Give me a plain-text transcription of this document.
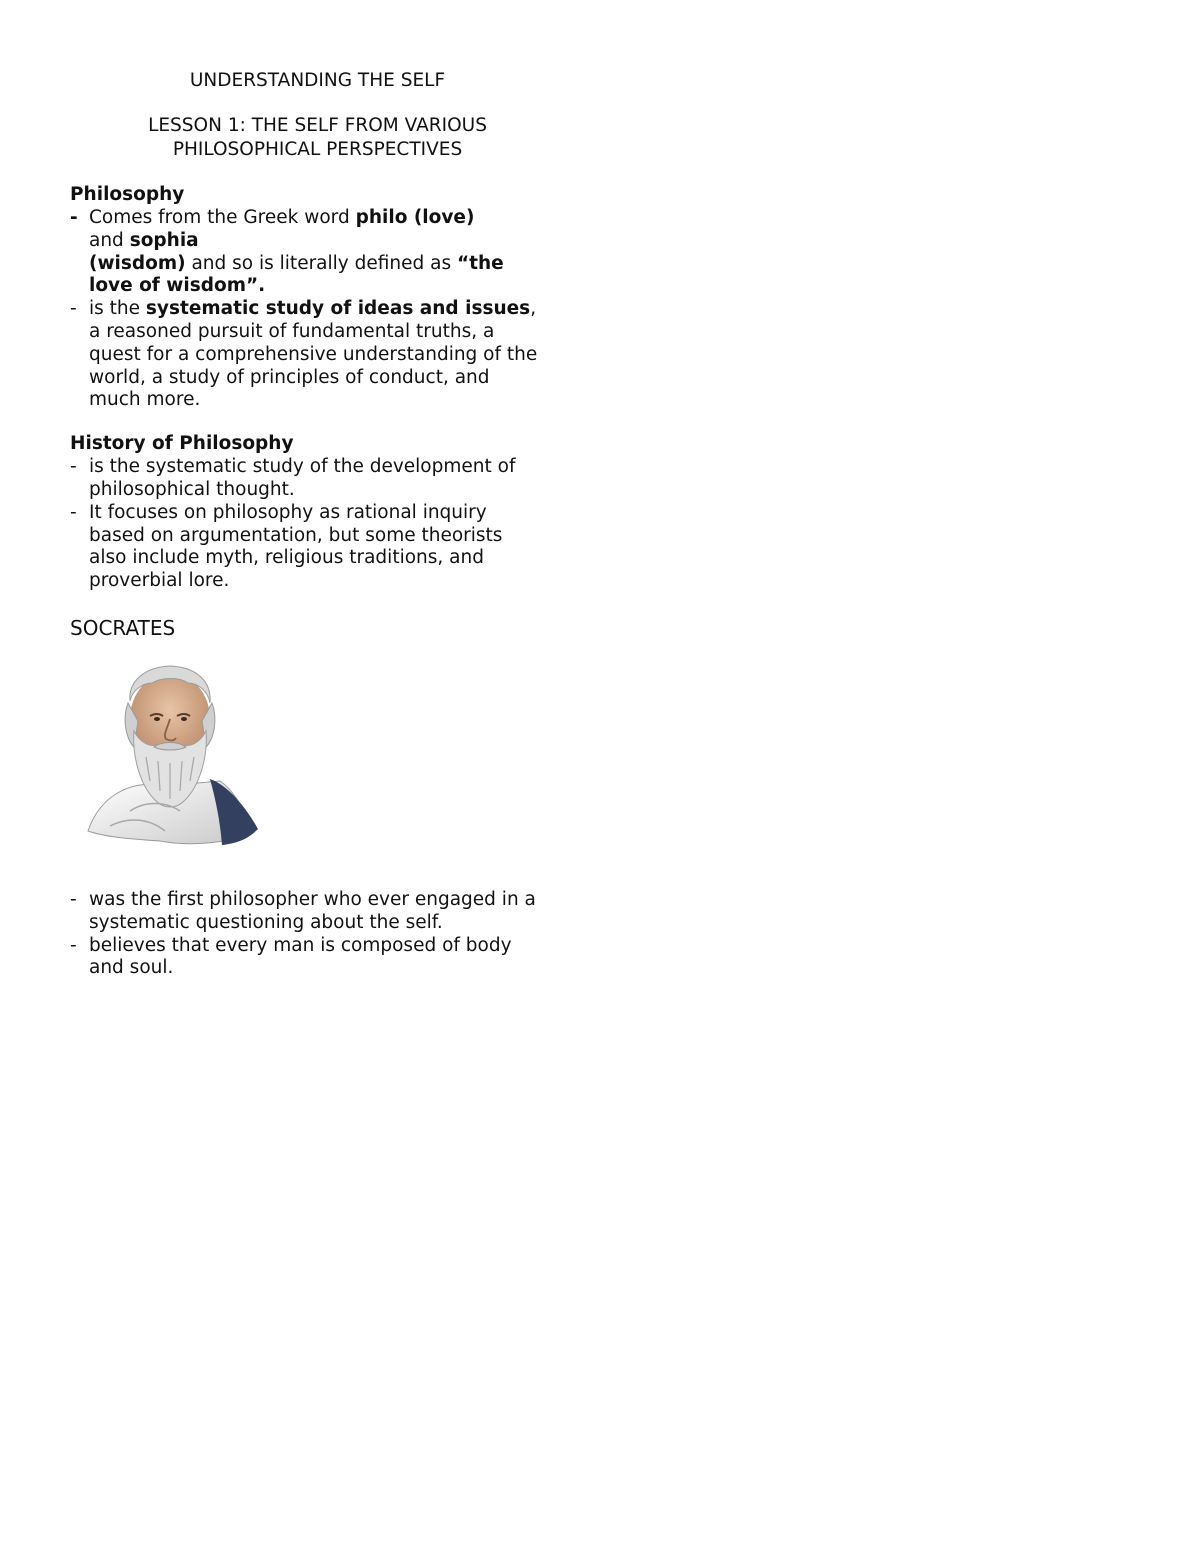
UNDERSTANDING THE SELF
LESSON 1: THE SELF FROM VARIOUS
PHILOSOPHICAL PERSPECTIVES
Philosophy
- Comes from the Greek word philo (love)
and sophia
(wisdom) and so is literally defined as “the
love of wisdom”.
- is the systematic study of ideas and issues,
a reasoned pursuit of fundamental truths, a
quest for a comprehensive understanding of the
world, a study of principles of conduct, and
much more.
History of Philosophy
- is the systematic study of the development of
philosophical thought.
- It focuses on philosophy as rational inquiry
based on argumentation, but some theorists
also include myth, religious traditions, and
proverbial lore.
SOCRATES
- was the first philosopher who ever engaged in a
systematic questioning about the self.
- believes that every man is composed of body
and soul.
